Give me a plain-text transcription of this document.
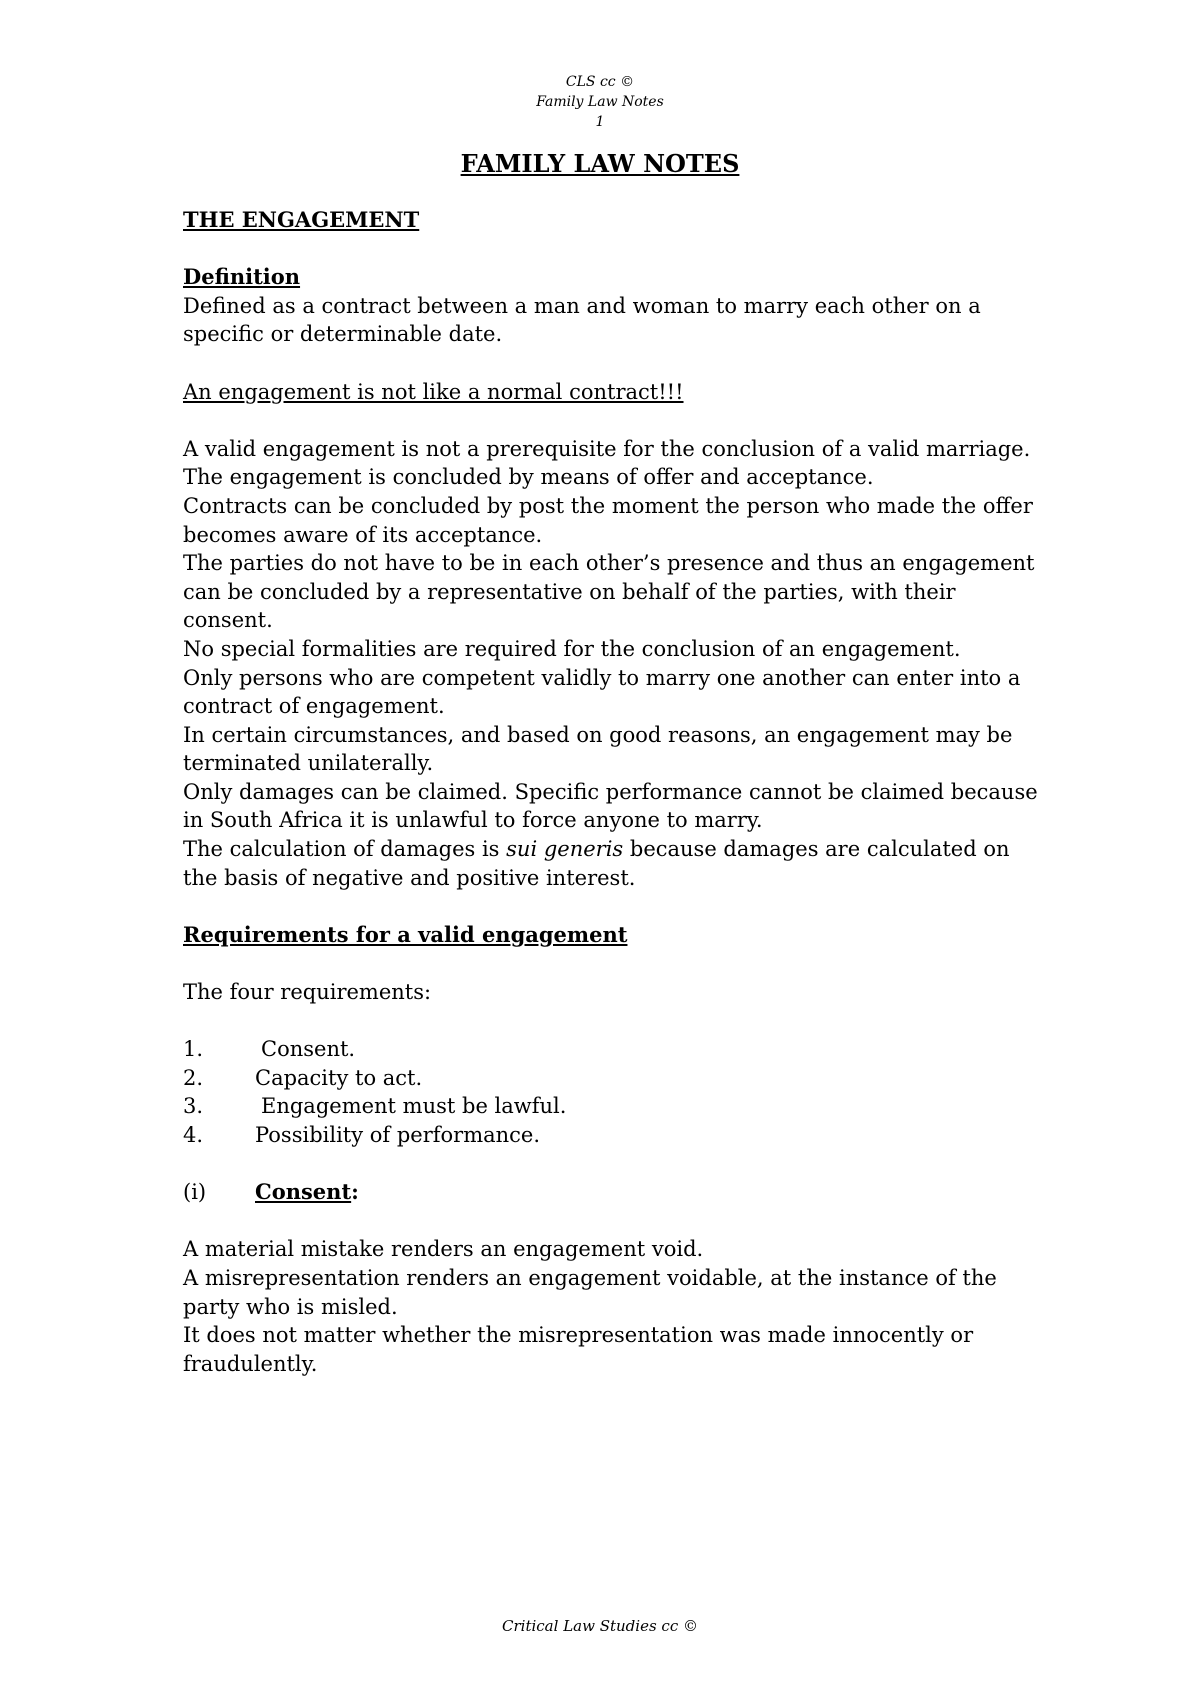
CLS cc ©
Family Law Notes
1
FAMILY LAW NOTES

THE ENGAGEMENT

Definition

Defined as a contract between a man and woman to marry each other on a specific or determinable date.

An engagement is not like a normal contract!!!

A valid engagement is not a prerequisite for the conclusion of a valid marriage.

The engagement is concluded by means of offer and acceptance.

Contracts can be concluded by post the moment the person who made the offer becomes aware of its acceptance.

The parties do not have to be in each other’s presence and thus an engagement can be concluded by a representative on behalf of the parties, with their consent.

No special formalities are required for the conclusion of an engagement.

Only persons who are competent validly to marry one another can enter into a contract of engagement.

In certain circumstances, and based on good reasons, an engagement may be terminated unilaterally.

Only damages can be claimed. Specific performance cannot be claimed because in South Africa it is unlawful to force anyone to marry.

The calculation of damages is sui generis because damages are calculated on the basis of negative and positive interest.

Requirements for a valid engagement

The four requirements:

1.	Consent.
2.	Capacity to act.
3.	Engagement must be lawful.
4.	Possibility of performance.
(i)	Consent:

A material mistake renders an engagement void.

A misrepresentation renders an engagement voidable, at the instance of the party who is misled.

It does not matter whether the misrepresentation was made innocently or fraudulently.

Critical Law Studies cc ©
